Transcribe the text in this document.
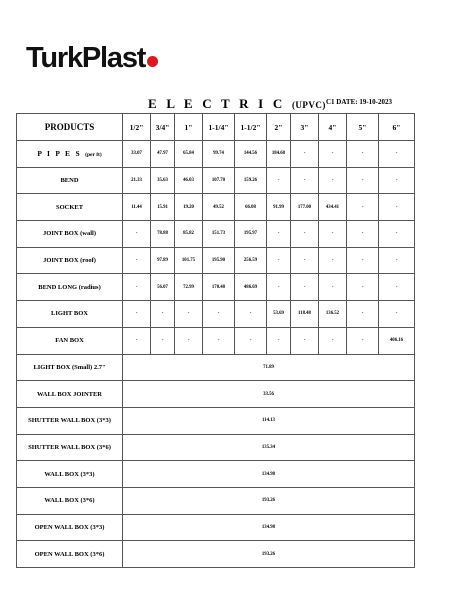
TurkPlast
E L E C T R I C (UPVC) C1 DATE: 19-10-2023
PRODUCTS	1/2"	3/4"	1"	1-1/4"	1-1/2"	2"	3"	4"	5"	6"
P I P E S (per ft)	33.07	47.97	65.84	99.74	144.56	184.68	-	-	-	-
BEND	21.33	35.63	46.03	107.70	159.26	-	-	-	-	-
SOCKET	11.44	15.91	19.20	49.52	66.08	91.99	177.00	434.41	-	-
JOINT BOX (wall)	-	78.88	85.82	151.73	195.97	-	-	-	-	-
JOINT BOX (roof)	-	97.89	101.75	195.90	256.59	-	-	-	-	-
BEND LONG (radius)	-	56.07	72.99	170.48	486.69	-	-	-	-	-
LIGHT BOX	-	-	-	-	-	53.69	118.48	136.52	-	-
FAN BOX	-	-	-	-	-	-	-	-	-	406.16
LIGHT BOX (Small) 2.7"	71.89									
WALL BOX JOINTER	33.56									
SHUTTER WALL BOX (3*3)	114.13									
SHUTTER WALL BOX (3*6)	135.34									
WALL BOX (3*3)	134.98									
WALL BOX (3*6)	193.26									
OPEN WALL BOX (3*3)	134.98									
OPEN WALL BOX (3*6)	193.26									
